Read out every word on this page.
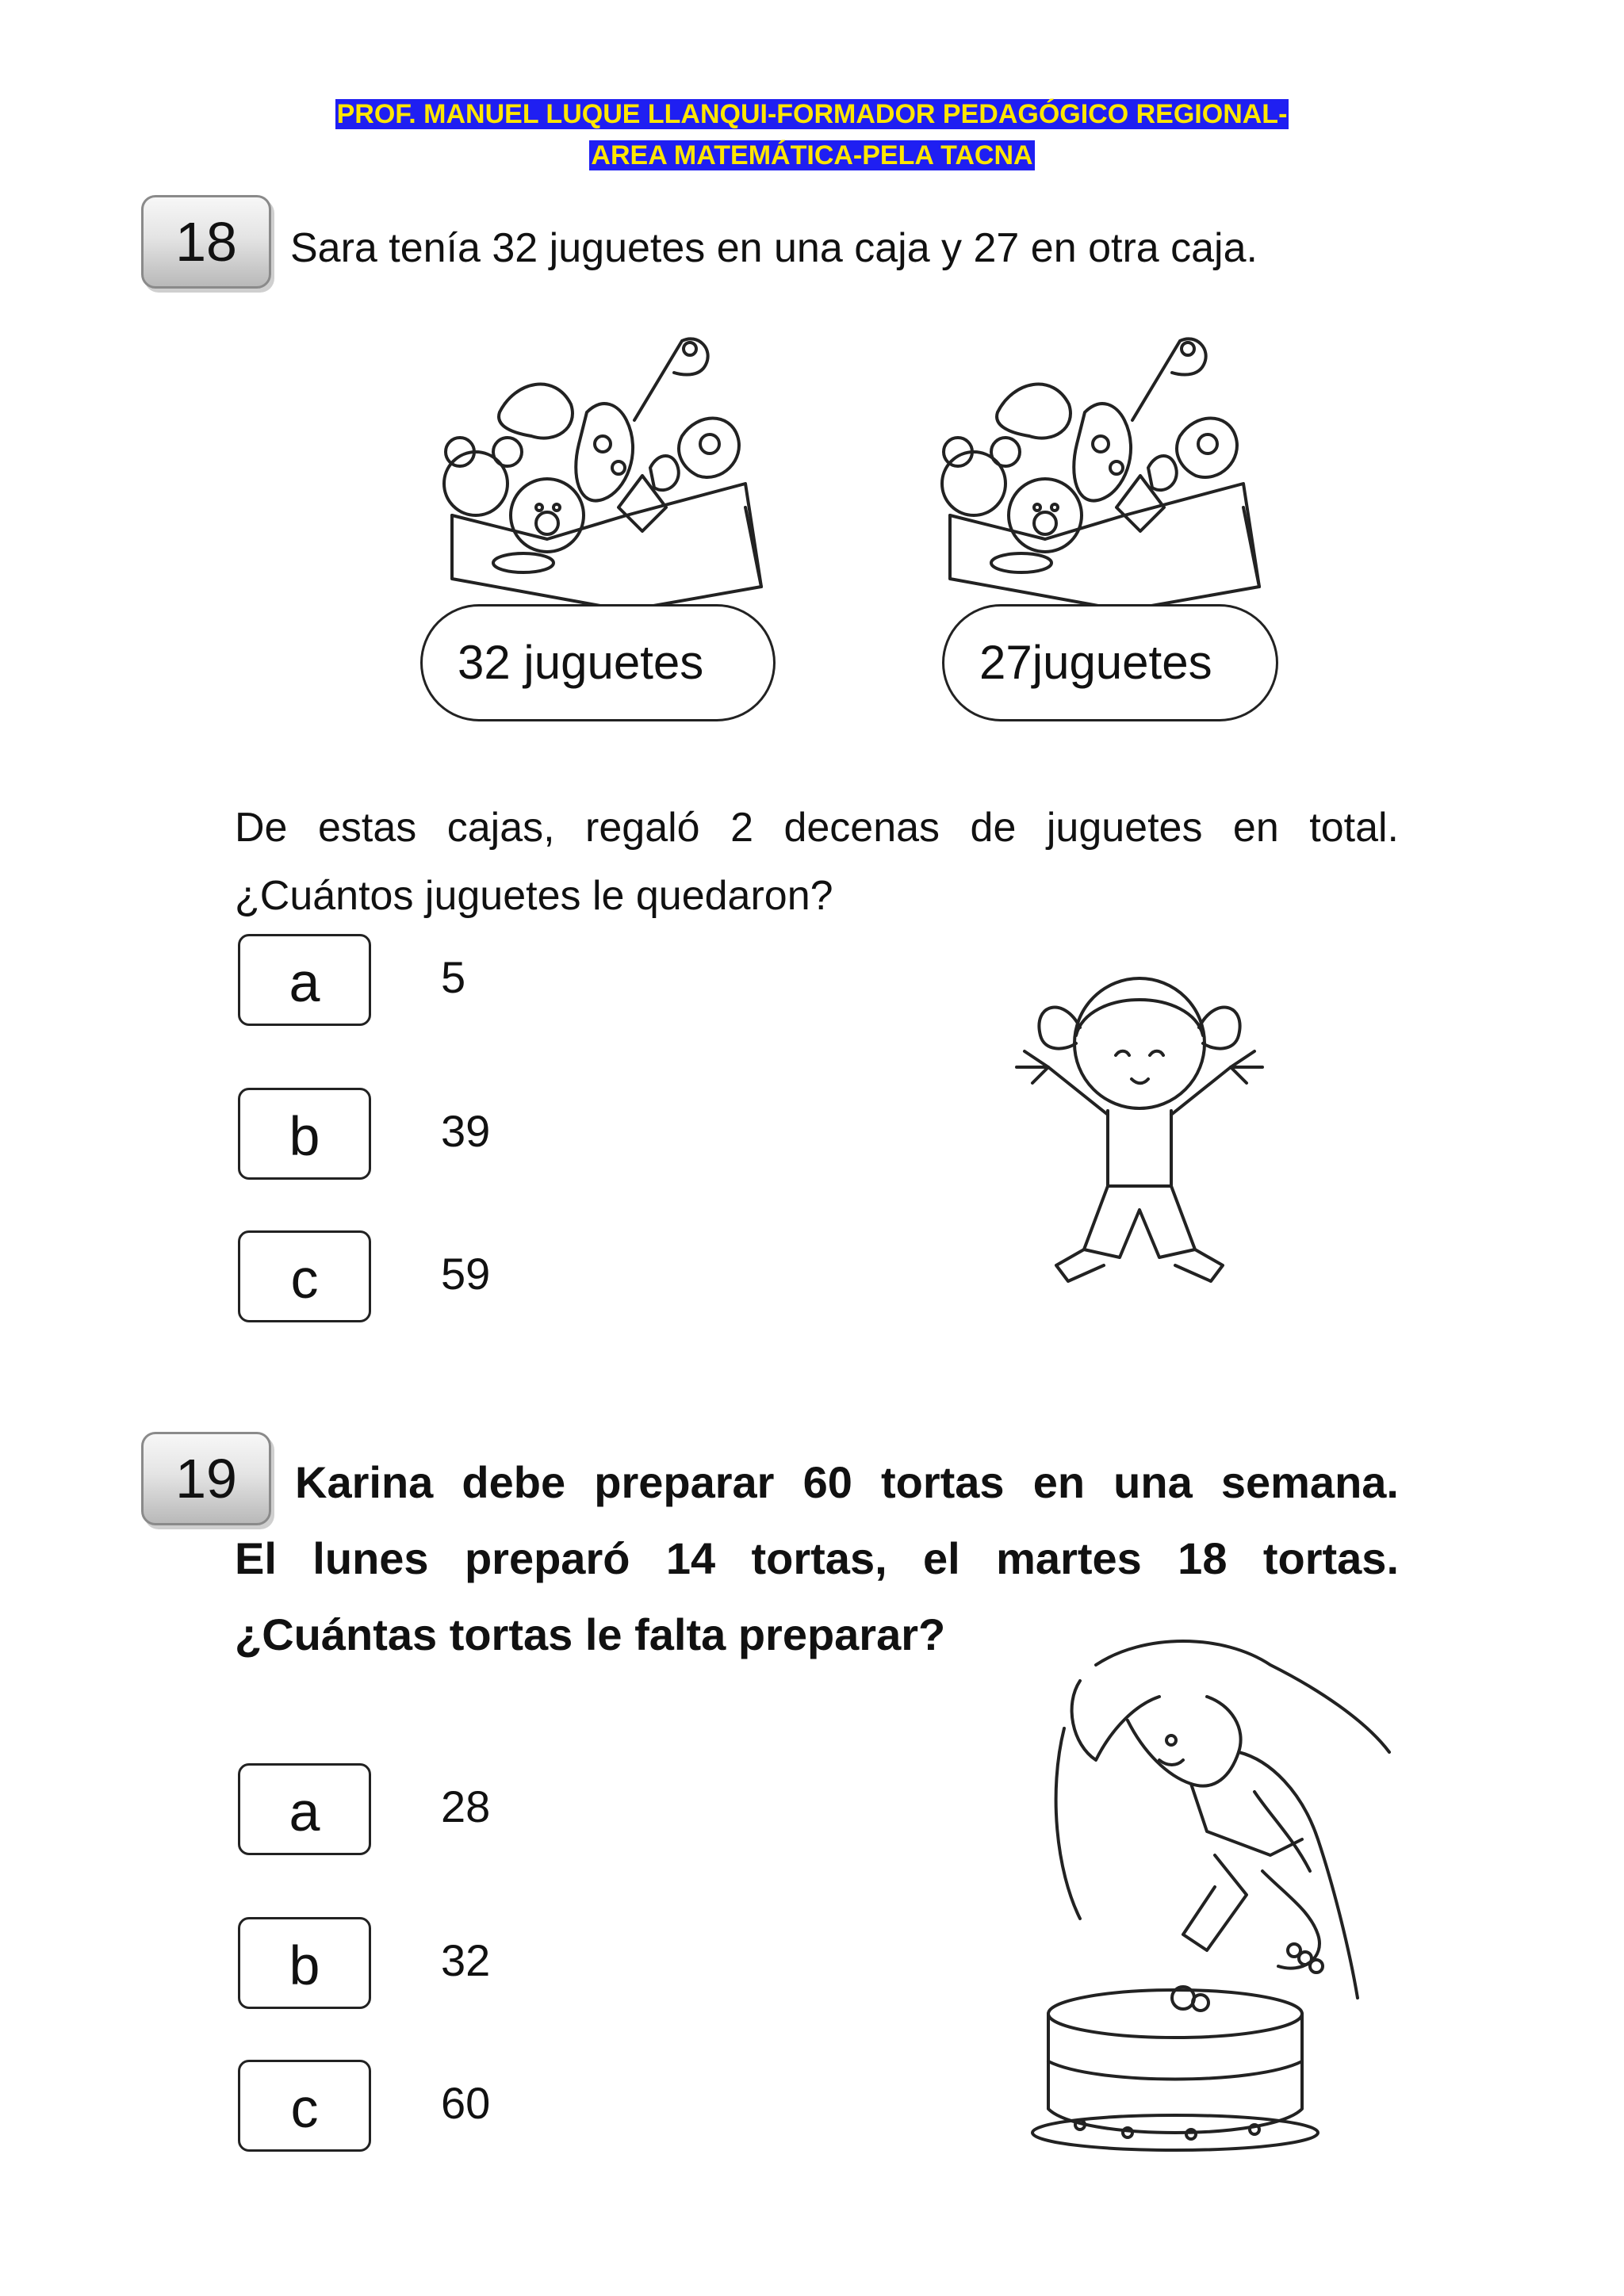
PROF. MANUEL LUQUE LLANQUI-FORMADOR PEDAGÓGICO REGIONAL-
AREA MATEMÁTICA-PELA TACNA
18	Sara tenía 32 juguetes en una caja y 27 en otra caja.
32 juguetes	27juguetes
De estas cajas, regaló 2 decenas de juguetes en total.
¿Cuántos juguetes le quedaron?
a	5
b	39
c	59
19	Karina debe preparar 60 tortas en una semana.
El lunes preparó 14 tortas, el martes 18 tortas.
¿Cuántas tortas le falta preparar?
a	28
b	32
c	60
